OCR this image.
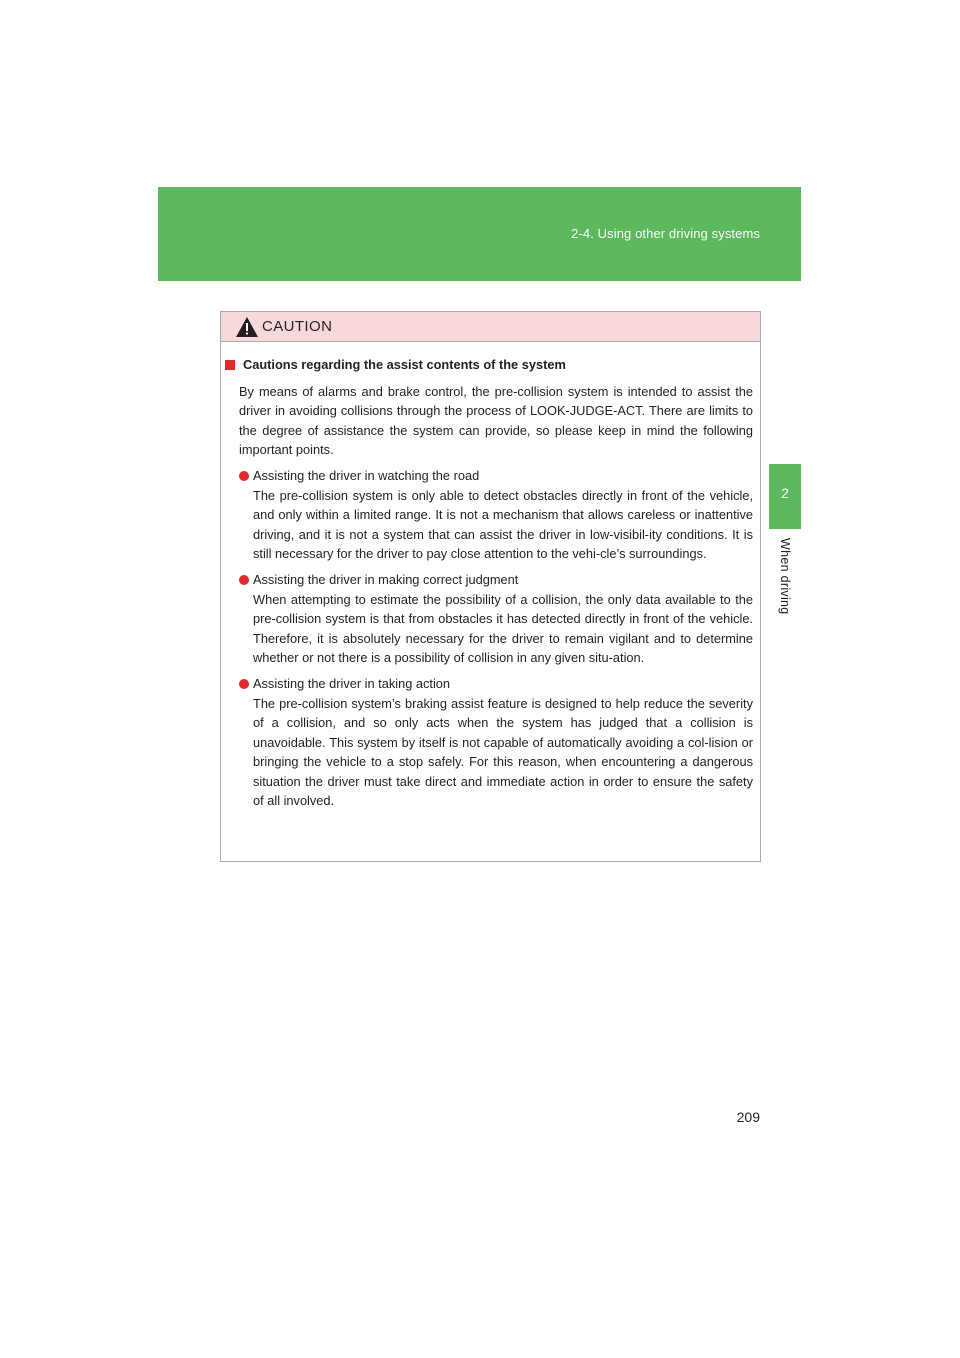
2-4. Using other driving systems
2
When driving
CAUTION
Cautions regarding the assist contents of the system

By means of alarms and brake control, the pre-collision system is intended to assist the driver in avoiding collisions through the process of LOOK-JUDGE-ACT. There are limits to the degree of assistance the system can provide, so please keep in mind the following important points.

Assisting the driver in watching the road
The pre-collision system is only able to detect obstacles directly in front of the vehicle, and only within a limited range. It is not a mechanism that allows careless or inattentive driving, and it is not a system that can assist the driver in low-visibil-ity conditions. It is still necessary for the driver to pay close attention to the vehi-cle’s surroundings.
Assisting the driver in making correct judgment
When attempting to estimate the possibility of a collision, the only data available to the pre-collision system is that from obstacles it has detected directly in front of the vehicle. Therefore, it is absolutely necessary for the driver to remain vigilant and to determine whether or not there is a possibility of collision in any given situ-ation.
Assisting the driver in taking action
The pre-collision system’s braking assist feature is designed to help reduce the severity of a collision, and so only acts when the system has judged that a collision is unavoidable. This system by itself is not capable of automatically avoiding a col-lision or bringing the vehicle to a stop safely. For this reason, when encountering a dangerous situation the driver must take direct and immediate action in order to ensure the safety of all involved.
209
